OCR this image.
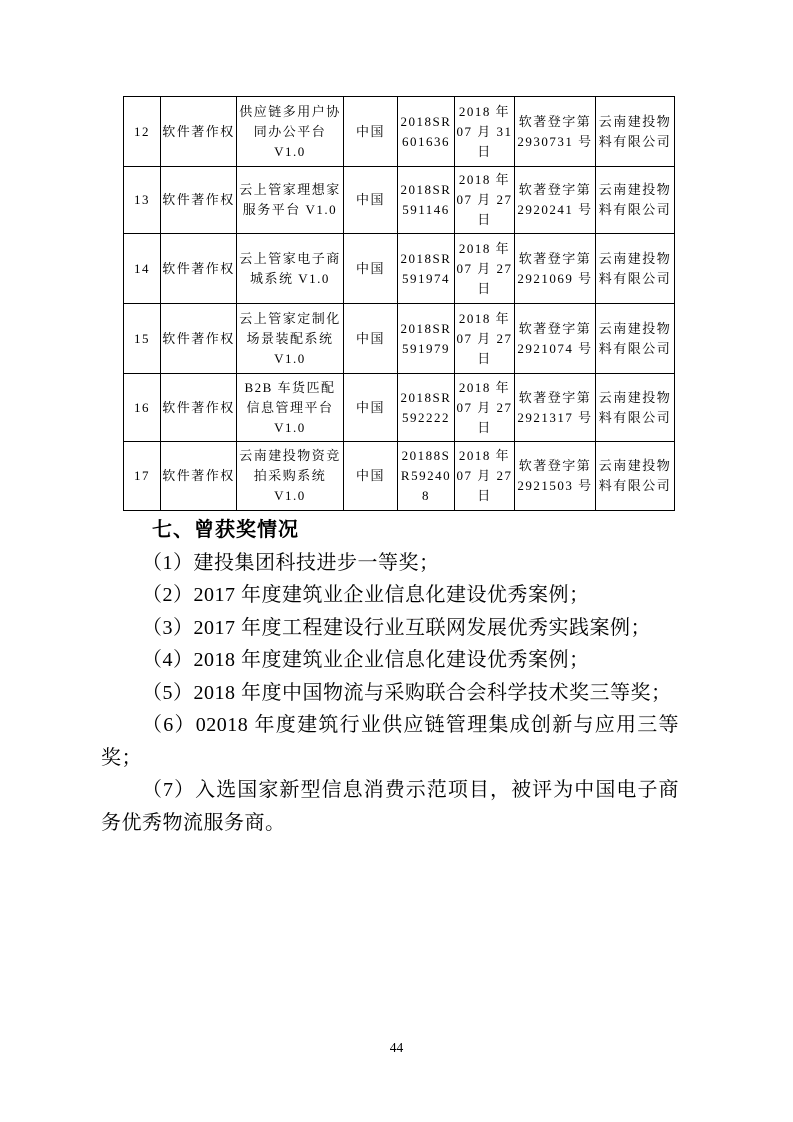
12	软件著作权	供应链多用户协同办公平台 V1.0	中国	2018SR601636	2018 年 07 月 31 日	软著登字第 2930731 号	云南建投物料有限公司
13	软件著作权	云上管家理想家服务平台 V1.0	中国	2018SR591146	2018 年 07 月 27 日	软著登字第 2920241 号	云南建投物料有限公司
14	软件著作权	云上管家电子商城系统 V1.0	中国	2018SR591974	2018 年 07 月 27 日	软著登字第 2921069 号	云南建投物料有限公司
15	软件著作权	云上管家定制化场景装配系统 V1.0	中国	2018SR591979	2018 年 07 月 27 日	软著登字第 2921074 号	云南建投物料有限公司
16	软件著作权	B2B 车货匹配信息管理平台 V1.0	中国	2018SR592222	2018 年 07 月 27 日	软著登字第 2921317 号	云南建投物料有限公司
17	软件著作权	云南建投物资竞拍采购系统 V1.0	中国	20188SR592408	2018 年 07 月 27 日	软著登字第 2921503 号	云南建投物料有限公司

七、曾获奖情况

（1）建投集团科技进步一等奖；

（2）2017 年度建筑业企业信息化建设优秀案例；

（3）2017 年度工程建设行业互联网发展优秀实践案例；

（4）2018 年度建筑业企业信息化建设优秀案例；

（5）2018 年度中国物流与采购联合会科学技术奖三等奖；

（6）02018 年度建筑行业供应链管理集成创新与应用三等奖；

（7）入选国家新型信息消费示范项目，被评为中国电子商务优秀物流服务商。

44
